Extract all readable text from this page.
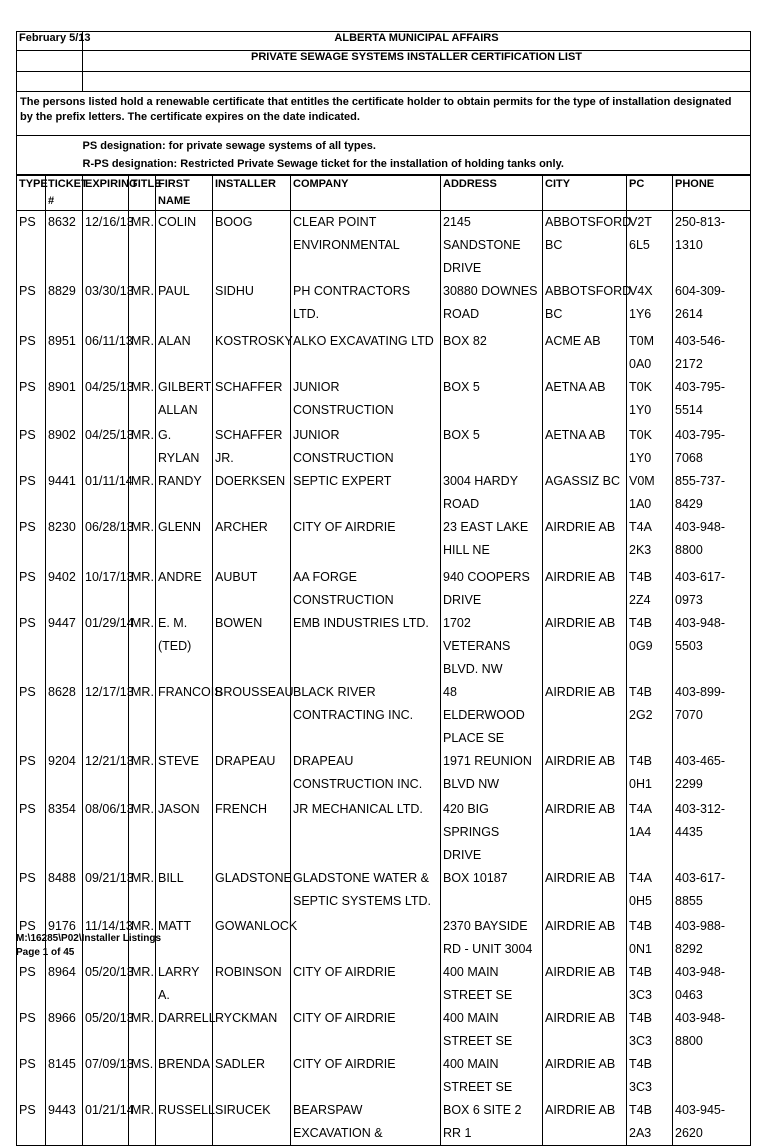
February 5/13	ALBERTA MUNICIPAL AFFAIRS
	PRIVATE SEWAGE SYSTEMS INSTALLER CERTIFICATION LIST

The persons listed hold a renewable certificate that entitles the certificate holder to obtain permits for the type of installation designated by the prefix letters. The certificate expires on the date indicated.	
	PS designation: for private sewage systems of all types.
	R-PS designation: Restricted Private Sewage ticket for the installation of holding tanks only.
TYPE	TICKET #	EXPIRING	TITLE	FIRST NAME	INSTALLER	COMPANY	ADDRESS	CITY	PC	PHONE
PS	8632	12/16/13	MR.	COLIN	BOOG	CLEAR POINT ENVIRONMENTAL	2145 SANDSTONE DRIVE	ABBOTSFORD BC	V2T 6L5	250-813-1310
PS	8829	03/30/13	MR.	PAUL	SIDHU	PH CONTRACTORS LTD.	30880 DOWNES ROAD	ABBOTSFORD BC	V4X 1Y6	604-309-2614
PS	8951	06/11/13	MR.	ALAN	KOSTROSKY	ALKO EXCAVATING LTD	BOX 82	ACME AB	T0M 0A0	403-546-2172
PS	8901	04/25/13	MR.	GILBERT ALLAN	SCHAFFER	JUNIOR CONSTRUCTION	BOX 5	AETNA AB	T0K 1Y0	403-795-5514
PS	8902	04/25/13	MR.	G. RYLAN	SCHAFFER JR.	JUNIOR CONSTRUCTION	BOX 5	AETNA AB	T0K 1Y0	403-795-7068
PS	9441	01/11/14	MR.	RANDY	DOERKSEN	SEPTIC EXPERT	3004 HARDY ROAD	AGASSIZ BC	V0M 1A0	855-737-8429
PS	8230	06/28/13	MR.	GLENN	ARCHER	CITY OF AIRDRIE	23 EAST LAKE HILL NE	AIRDRIE AB	T4A 2K3	403-948-8800
PS	9402	10/17/13	MR.	ANDRE	AUBUT	AA FORGE CONSTRUCTION	940 COOPERS DRIVE	AIRDRIE AB	T4B 2Z4	403-617-0973
PS	9447	01/29/14	MR.	E. M. (TED)	BOWEN	EMB INDUSTRIES LTD.	1702 VETERANS BLVD. NW	AIRDRIE AB	T4B 0G9	403-948-5503
PS	8628	12/17/13	MR.	FRANCOIS	BROUSSEAU	BLACK RIVER CONTRACTING INC.	48 ELDERWOOD PLACE SE	AIRDRIE AB	T4B 2G2	403-899-7070
PS	9204	12/21/13	MR.	STEVE	DRAPEAU	DRAPEAU CONSTRUCTION INC.	1971 REUNION BLVD NW	AIRDRIE AB	T4B 0H1	403-465-2299
PS	8354	08/06/13	MR.	JASON	FRENCH	JR MECHANICAL LTD.	420 BIG SPRINGS DRIVE	AIRDRIE AB	T4A 1A4	403-312-4435
PS	8488	09/21/13	MR.	BILL	GLADSTONE	GLADSTONE WATER & SEPTIC SYSTEMS LTD.	BOX 10187	AIRDRIE AB	T4A 0H5	403-617-8855
PS	9176	11/14/13	MR.	MATT	GOWANLOCK		2370 BAYSIDE RD - UNIT 3004	AIRDRIE AB	T4B 0N1	403-988-8292
PS	8964	05/20/13	MR.	LARRY A.	ROBINSON	CITY OF AIRDRIE	400 MAIN STREET SE	AIRDRIE AB	T4B 3C3	403-948-0463
PS	8966	05/20/13	MR.	DARRELL	RYCKMAN	CITY OF AIRDRIE	400 MAIN STREET SE	AIRDRIE AB	T4B 3C3	403-948-8800
PS	8145	07/09/13	MS.	BRENDA	SADLER	CITY OF AIRDRIE	400 MAIN STREET SE	AIRDRIE AB	T4B 3C3	
PS	9443	01/21/14	MR.	RUSSELL	SIRUCEK	BEARSPAW EXCAVATION &	BOX 6 SITE 2 RR 1	AIRDRIE AB	T4B 2A3	403-945-2620
M:\16285\P02\Installer Listings
Page 1 of 45
